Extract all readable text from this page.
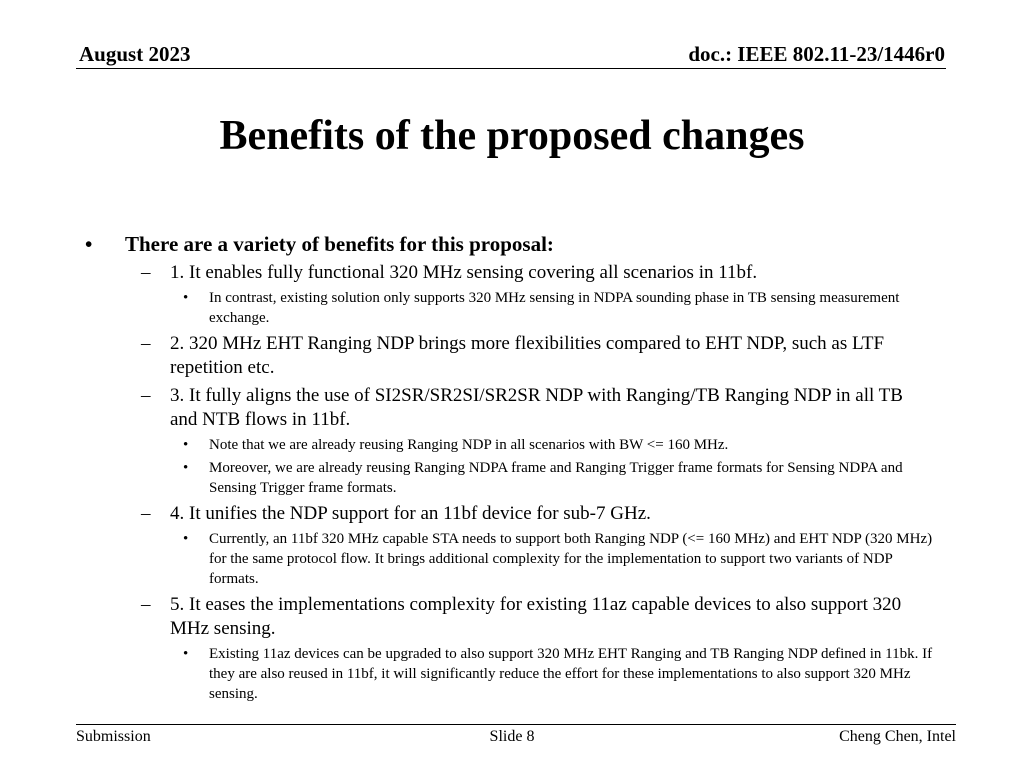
August 2023	doc.: IEEE 802.11-23/1446r0
Benefits of the proposed changes
• There are a variety of benefits for this proposal:
– 1. It enables fully functional 320 MHz sensing covering all scenarios in 11bf.
• In contrast, existing solution only supports 320 MHz sensing in NDPA sounding phase in TB sensing measurement exchange.
– 2. 320 MHz EHT Ranging NDP brings more flexibilities compared to EHT NDP, such as LTF repetition etc.
– 3. It fully aligns the use of SI2SR/SR2SI/SR2SR NDP with Ranging/TB Ranging NDP in all TB and NTB flows in 11bf.
• Note that we are already reusing Ranging NDP in all scenarios with BW <= 160 MHz.
• Moreover, we are already reusing Ranging NDPA frame and Ranging Trigger frame formats for Sensing NDPA and Sensing Trigger frame formats.
– 4. It unifies the NDP support for an 11bf device for sub-7 GHz.
• Currently, an 11bf 320 MHz capable STA needs to support both Ranging NDP (<= 160 MHz) and EHT NDP (320 MHz) for the same protocol flow. It brings additional complexity for the implementation to support two variants of NDP formats.
– 5. It eases the implementations complexity for existing 11az capable devices to also support 320 MHz sensing.
• Existing 11az devices can be upgraded to also support 320 MHz EHT Ranging and TB Ranging NDP defined in 11bk. If they are also reused in 11bf, it will significantly reduce the effort for these implementations to also support 320 MHz sensing.
Submission	Slide 8	Cheng Chen, Intel
